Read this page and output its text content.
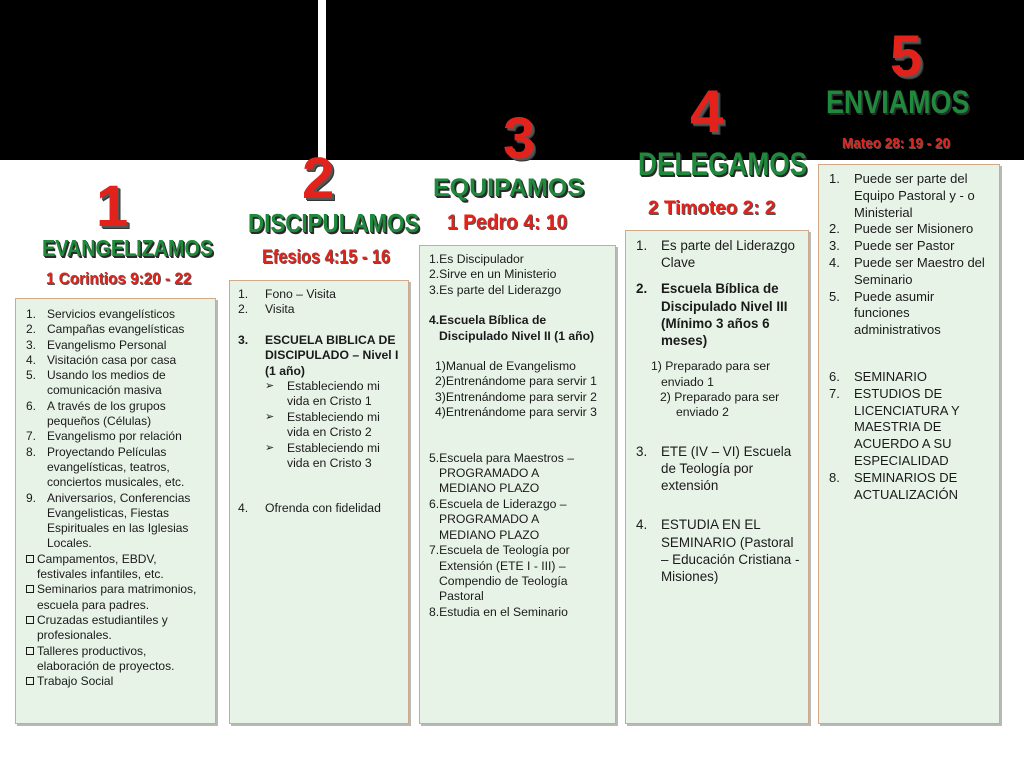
1
EVANGELIZAMOS
1 Corintios 9:20 - 22
2
DISCIPULAMOS
Efesios 4:15 - 16
3
EQUIPAMOS
1 Pedro 4: 10
4
DELEGAMOS
2 Timoteo 2: 2
5
ENVIAMOS
Mateo 28: 19 - 20
1. Servicios evangelísticos
2. Campañas evangelísticas
3. Evangelismo Personal
4. Visitación casa por casa
5. Usando los medios de comunicación masiva
6. A través de los grupos pequeños (Células)
7. Evangelismo por relación
8. Proyectando Películas evangelísticas, teatros, conciertos musicales, etc.
9. Aniversarios, Conferencias Evangelisticas, Fiestas Espirituales en las Iglesias Locales.
Campamentos, EBDV, festivales infantiles, etc.
Seminarios para matrimonios, escuela para padres.
Cruzadas estudiantiles y profesionales.
Talleres productivos, elaboración de proyectos.
Trabajo Social
1.	Fono – Visita
2.	Visita
3.	ESCUELA BIBLICA DE DISCIPULADO – Nivel I (1 año)
➢	Estableciendo mi vida en Cristo 1
➢	Estableciendo mi vida en Cristo 2
➢	Estableciendo mi vida en Cristo 3
4.	Ofrenda con fidelidad
1.Es Discipulador
2.Sirve en un Ministerio
3.Es parte del Liderazgo
4.Escuela Bíblica de
Discipulado Nivel II (1 año)
1)Manual de Evangelismo
2)Entrenándome para servir 1
3)Entrenándome para servir 2
4)Entrenándome para servir 3
5.Escuela para Maestros –
PROGRAMADO A
MEDIANO PLAZO
6.Escuela de Liderazgo –
PROGRAMADO A
MEDIANO PLAZO
7.Escuela de Teología por
Extensión (ETE I - III) –
Compendio de Teología
Pastoral
8.Estudia en el Seminario
1.	Es parte del Liderazgo Clave
2.	Escuela Bíblica de Discipulado Nivel III (Mínimo 3 años 6 meses)
1) Preparado para ser enviado 1
2) Preparado para ser enviado 2
3.	ETE (IV – VI) Escuela de Teología por extensión
4.	ESTUDIA EN EL SEMINARIO (Pastoral – Educación Cristiana - Misiones)
1.	Puede ser parte del Equipo Pastoral y - o Ministerial
2.	Puede ser Misionero
3.	Puede ser Pastor
4.	Puede ser Maestro del Seminario
5.	Puede asumir funciones administrativos
6.	SEMINARIO
7.	ESTUDIOS DE LICENCIATURA Y MAESTRIA DE ACUERDO A SU ESPECIALIDAD
8.	SEMINARIOS DE ACTUALIZACIÓN
